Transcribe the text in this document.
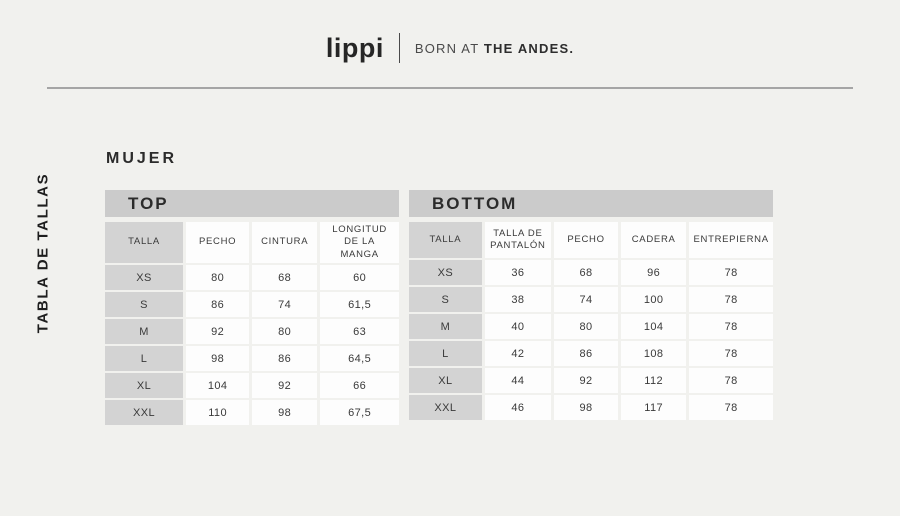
lippi BORN AT THE ANDES.
TABLA DE TALLAS
MUJER
TOP
TALLA	PECHO	CINTURA	LONGITUD DE LA MANGA
XS	80	68	60
S	86	74	61,5
M	92	80	63
L	98	86	64,5
XL	104	92	66
XXL	110	98	67,5
BOTTOM
TALLA	TALLA DE PANTALÓN	PECHO	CADERA	ENTREPIERNA
XS	36	68	96	78
S	38	74	100	78
M	40	80	104	78
L	42	86	108	78
XL	44	92	112	78
XXL	46	98	117	78
